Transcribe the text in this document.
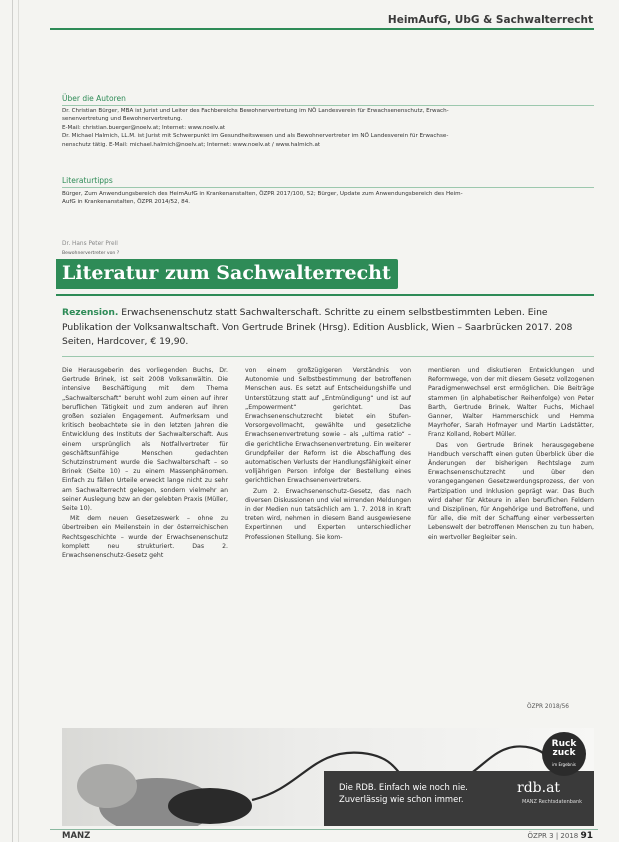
HeimAufG, UbG & Sachwalterrecht
Über die Autoren
Dr. Christian Bürger, MBA ist Jurist und Leiter des Fachbereichs Bewohnervertretung im NÖ Landesverein für Erwachsenenschutz, Erwach-
senenvertretung und Bewohnervertretung.
E-Mail: christian.buerger@noelv.at; Internet: www.noelv.at
Dr. Michael Halmich, LL.M. ist Jurist mit Schwerpunkt im Gesundheitswesen und als Bewohnervertreter im NÖ Landesverein für Erwachse-
nenschutz tätig. E-Mail: michael.halmich@noelv.at; Internet: www.noelv.at / www.halmich.at
Literaturtipps
Bürger, Zum Anwendungsbereich des HeimAufG in Krankenanstalten, ÖZPR 2017/100, 52; Bürger, Update zum Anwendungsbereich des Heim-
AufG in Krankenanstalten, ÖZPR 2014/52, 84.
Dr. Hans Peter Prell
Bewohnervertreter von ?
Literatur zum Sachwalterrecht
Rezension. Erwachsenenschutz statt Sachwalterschaft. Schritte zu einem selbstbestimmten Leben. Eine Publikation der Volksanwaltschaft. Von Gertrude Brinek (Hrsg). Edition Ausblick, Wien – Saarbrücken 2017. 208 Seiten, Hardcover, € 19,90.

Die Herausgeberin des vorliegenden Buchs, Dr. Gertrude Brinek, ist seit 2008 Volksanwältin. Die intensive Beschäftigung mit dem Thema „Sachwalterschaft“ beruht wohl zum einen auf ihrer beruflichen Tätigkeit und zum anderen auf ihren großen sozialen Engagement. Aufmerksam und kritisch beobachtete sie in den letzten Jahren die Entwicklung des Instituts der Sachwalterschaft. Aus einem ursprünglich als Notfallvertreter für geschäftsunfähige Menschen gedachten Schutzinstrument wurde die Sachwalterschaft – so Brinek (Seite 10) – zu einem Massenphänomen. Einfach zu fällen Urteile erweckt lange nicht zu sehr am Sachwalterrecht gelegen, sondern vielmehr an seiner Auslegung bzw an der gelebten Praxis (Müller, Seite 10).

Mit dem neuen Gesetzeswerk – ohne zu übertreiben ein Meilenstein in der österreichischen Rechtsgeschichte – wurde der Erwachsenenschutz komplett neu strukturiert. Das 2. Erwachsenenschutz-Gesetz geht

von einem großzügigeren Verständnis von Autonomie und Selbstbestimmung der betroffenen Menschen aus. Es setzt auf Entscheidungshilfe und Unterstützung statt auf „Entmündigung“ und ist auf „Empowerment“ gerichtet. Das Erwachsenenschutzrecht bietet ein Stufen-Vorsorgevollmacht, gewählte und gesetzliche Erwachsenenvertretung sowie – als „ultima ratio“ – die gerichtliche Erwachsenenvertretung. Ein weiterer Grundpfeiler der Reform ist die Abschaffung des automatischen Verlusts der Handlungsfähigkeit einer volljährigen Person infolge der Bestellung eines gerichtlichen Erwachsenenvertreters.

Zum 2. Erwachsenenschutz-Gesetz, das nach diversen Diskussionen und viel wirrenden Meldungen in der Medien nun tatsächlich am 1. 7. 2018 in Kraft treten wird, nehmen in diesem Band ausgewiesene Expertinnen und Experten unterschiedlicher Professionen Stellung. Sie kom-

mentieren und diskutieren Entwicklungen und Reformwege, von der mit diesem Gesetz vollzogenen Paradigmenwechsel erst ermöglichen. Die Beiträge stammen (in alphabetischer Reihenfolge) von Peter Barth, Gertrude Brinek, Walter Fuchs, Michael Ganner, Walter Hammerschick und Hemma Mayrhofer, Sarah Hofmayer und Martin Ladstätter, Franz Kolland, Robert Müller.

Das von Gertrude Brinek herausgegebene Handbuch verschafft einen guten Überblick über die Änderungen der bisherigen Rechtslage zum Erwachsenenschutzrecht und über den vorangegangenen Gesetzwerdungsprozess, der von Partizipation und Inklusion geprägt war. Das Buch wird daher für Akteure in allen beruflichen Feldern und Disziplinen, für Angehörige und Betroffene, und für alle, die mit der Schaffung einer verbesserten Lebenswelt der betroffenen Menschen zu tun haben, ein wertvoller Begleiter sein.

ÖZPR 2018/56
Die RDB. Einfach wie noch nie.
Zuverlässig wie schon immer.
rdb.at
MANZ Rechtsdatenbank
Ruck
zuck
im Ergebnis
MANZ	ÖZPR 3 | 2018 91
